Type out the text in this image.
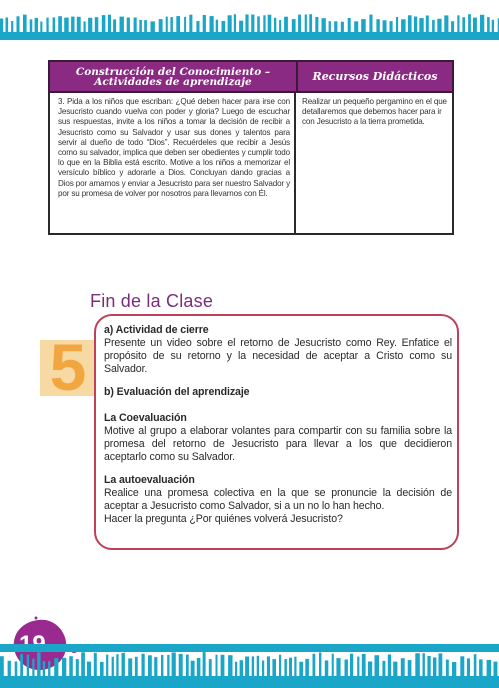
Construcción del Conocimiento –
Actividades de aprendizaje	Recursos Didácticos
3. Pida a los niños que escriban: ¿Qué deben hacer para irse con Jesucristo cuando vuelva con poder y gloria? Luego de escuchar sus respuestas, invite a los niños a tomar la decisión de recibir a Jesucristo como su Salvador y usar sus dones y talentos para servir al dueño de todo “Dios”. Recuérdeles que recibir a Jesús como su salvador, implica que deben ser obedientes y cumplir todo lo que en la Biblia está escrito. Motive a los niños a memorizar el versículo bíblico y adorarle a Dios. Concluyan dando gracias a Dios por amarnos y enviar a Jesucristo para ser nuestro Salvador y por su promesa de volver por nosotros para llevarnos con Él.
Realizar un pequeño pergamino en el que detallaremos que debemos hacer para ir con Jesucristo a la tierra prometida.
Fin de la Clase
5 a) Actividad de cierre
Presente un video sobre el retorno de Jesucristo como Rey. Enfatice el propósito de su retorno y la necesidad de aceptar a Cristo como su Salvador.
b) Evaluación del aprendizaje
La Coevaluación
Motive al grupo a elaborar volantes para compartir con su familia sobre la promesa del retorno de Jesucristo para llevar a los que decidieron aceptarlo como su Salvador.
La autoevaluación
Realice una promesa colectiva en la que se pronuncie la decisión de aceptar a Jesucristo como Salvador, si a un no lo han hecho.
Hacer la pregunta ¿Por quiénes volverá Jesucristo?
